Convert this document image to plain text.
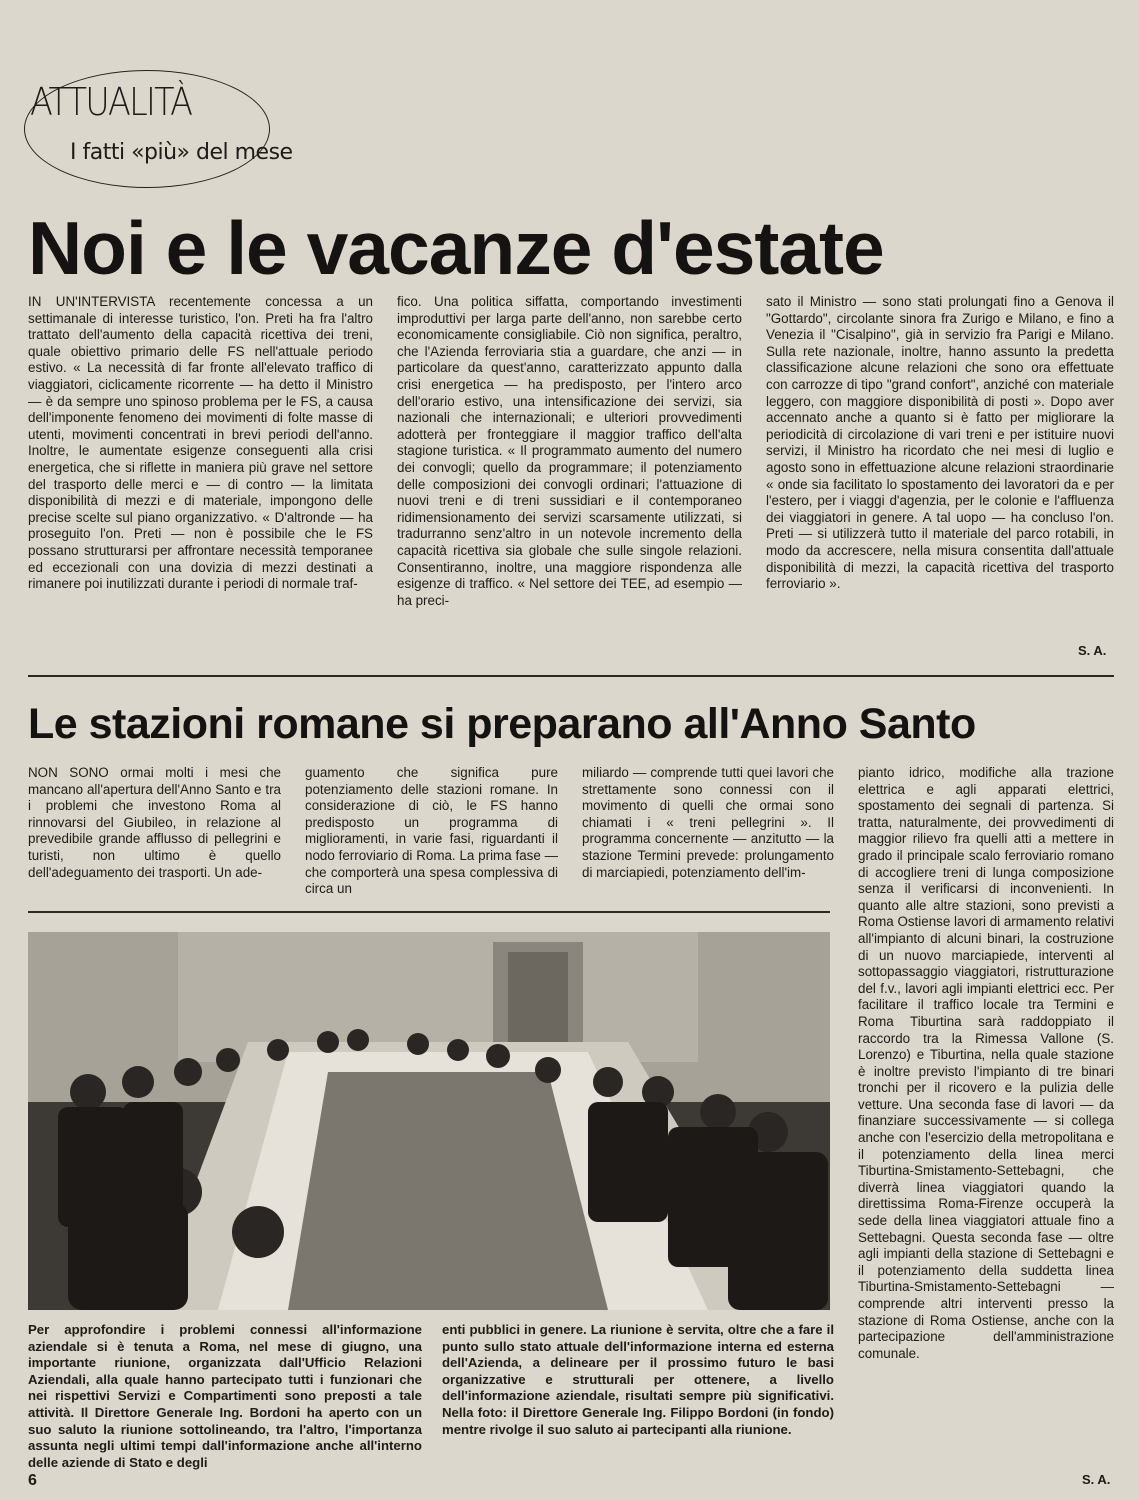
ATTUALITÀ
I fatti «più» del mese
Noi e le vacanze d'estate

IN UN'INTERVISTA recentemente concessa a un settimanale di interesse turistico, l'on. Preti ha fra l'altro trattato dell'aumento della capacità ricettiva dei treni, quale obiettivo primario delle FS nell'attuale periodo estivo. « La necessità di far fronte all'elevato traffico di viaggiatori, ciclicamente ricorrente — ha detto il Ministro — è da sempre uno spinoso problema per le FS, a causa dell'imponente fenomeno dei movimenti di folte masse di utenti, movimenti concentrati in brevi periodi dell'anno. Inoltre, le aumentate esigenze conseguenti alla crisi energetica, che si riflette in maniera più grave nel settore del trasporto delle merci e — di contro — la limitata disponibilità di mezzi e di materiale, impongono delle precise scelte sul piano organizzativo. « D'altronde — ha proseguito l'on. Preti — non è possibile che le FS possano strutturarsi per affrontare necessità temporanee ed eccezionali con una dovizia di mezzi destinati a rimanere poi inutilizzati durante i periodi di normale traf-

fico. Una politica siffatta, comportando investimenti improduttivi per larga parte dell'anno, non sarebbe certo economicamente consigliabile. Ciò non significa, peraltro, che l'Azienda ferroviaria stia a guardare, che anzi — in particolare da quest'anno, caratterizzato appunto dalla crisi energetica — ha predisposto, per l'intero arco dell'orario estivo, una intensificazione dei servizi, sia nazionali che internazionali; e ulteriori provvedimenti adotterà per fronteggiare il maggior traffico dell'alta stagione turistica. « Il programmato aumento del numero dei convogli; quello da programmare; il potenziamento delle composizioni dei convogli ordinari; l'attuazione di nuovi treni e di treni sussidiari e il contemporaneo ridimensionamento dei servizi scarsamente utilizzati, si tradurranno senz'altro in un notevole incremento della capacità ricettiva sia globale che sulle singole relazioni. Consentiranno, inoltre, una maggiore rispondenza alle esigenze di traffico. « Nel settore dei TEE, ad esempio — ha preci-

sato il Ministro — sono stati prolungati fino a Genova il "Gottardo", circolante sinora fra Zurigo e Milano, e fino a Venezia il "Cisalpino", già in servizio fra Parigi e Milano. Sulla rete nazionale, inoltre, hanno assunto la predetta classificazione alcune relazioni che sono ora effettuate con carrozze di tipo "grand confort", anziché con materiale leggero, con maggiore disponibilità di posti ». Dopo aver accennato anche a quanto si è fatto per migliorare la periodicità di circolazione di vari treni e per istituire nuovi servizi, il Ministro ha ricordato che nei mesi di luglio e agosto sono in effettuazione alcune relazioni straordinarie « onde sia facilitato lo spostamento dei lavoratori da e per l'estero, per i viaggi d'agenzia, per le colonie e l'affluenza dei viaggiatori in genere. A tal uopo — ha concluso l'on. Preti — si utilizzerà tutto il materiale del parco rotabili, in modo da accrescere, nella misura consentita dall'attuale disponibilità di mezzi, la capacità ricettiva del trasporto ferroviario ».

S. A.
Le stazioni romane si preparano all'Anno Santo

NON SONO ormai molti i mesi che mancano all'apertura dell'Anno Santo e tra i problemi che investono Roma al rinnovarsi del Giubileo, in relazione al prevedibile grande afflusso di pellegrini e turisti, non ultimo è quello dell'adeguamento dei trasporti. Un ade-

guamento che significa pure potenziamento delle stazioni romane. In considerazione di ciò, le FS hanno predisposto un programma di miglioramenti, in varie fasi, riguardanti il nodo ferroviario di Roma. La prima fase — che comporterà una spesa complessiva di circa un

miliardo — comprende tutti quei lavori che strettamente sono connessi con il movimento di quelli che ormai sono chiamati i « treni pellegrini ». Il programma concernente — anzitutto — la stazione Termini prevede: prolungamento di marciapiedi, potenziamento dell'im-

pianto idrico, modifiche alla trazione elettrica e agli apparati elettrici, spostamento dei segnali di partenza. Si tratta, naturalmente, dei provvedimenti di maggior rilievo fra quelli atti a mettere in grado il principale scalo ferroviario romano di accogliere treni di lunga composizione senza il verificarsi di inconvenienti. In quanto alle altre stazioni, sono previsti a Roma Ostiense lavori di armamento relativi all'impianto di alcuni binari, la costruzione di un nuovo marciapiede, interventi al sottopassaggio viaggiatori, ristrutturazione del f.v., lavori agli impianti elettrici ecc. Per facilitare il traffico locale tra Termini e Roma Tiburtina sarà raddoppiato il raccordo tra la Rimessa Vallone (S. Lorenzo) e Tiburtina, nella quale stazione è inoltre previsto l'impianto di tre binari tronchi per il ricovero e la pulizia delle vetture. Una seconda fase di lavori — da finanziare successivamente — si collega anche con l'esercizio della metropolitana e il potenziamento della linea merci Tiburtina-Smistamento-Settebagni, che diverrà linea viaggiatori quando la direttissima Roma-Firenze occuperà la sede della linea viaggiatori attuale fino a Settebagni. Questa seconda fase — oltre agli impianti della stazione di Settebagni e il potenziamento della suddetta linea Tiburtina-Smistamento-Settebagni — comprende altri interventi presso la stazione di Roma Ostiense, anche con la partecipazione dell'amministrazione comunale.

S. A.

Per approfondire i problemi connessi all'informazione aziendale si è tenuta a Roma, nel mese di giugno, una importante riunione, organizzata dall'Ufficio Relazioni Aziendali, alla quale hanno partecipato tutti i funzionari che nei rispettivi Servizi e Compartimenti sono preposti a tale attività. Il Direttore Generale Ing. Bordoni ha aperto con un suo saluto la riunione sottolineando, tra l'altro, l'importanza assunta negli ultimi tempi dall'informazione anche all'interno delle aziende di Stato e degli

enti pubblici in genere. La riunione è servita, oltre che a fare il punto sullo stato attuale dell'informazione interna ed esterna dell'Azienda, a delineare per il prossimo futuro le basi organizzative e strutturali per ottenere, a livello dell'informazione aziendale, risultati sempre più significativi. Nella foto: il Direttore Generale Ing. Filippo Bordoni (in fondo) mentre rivolge il suo saluto ai partecipanti alla riunione.

6
